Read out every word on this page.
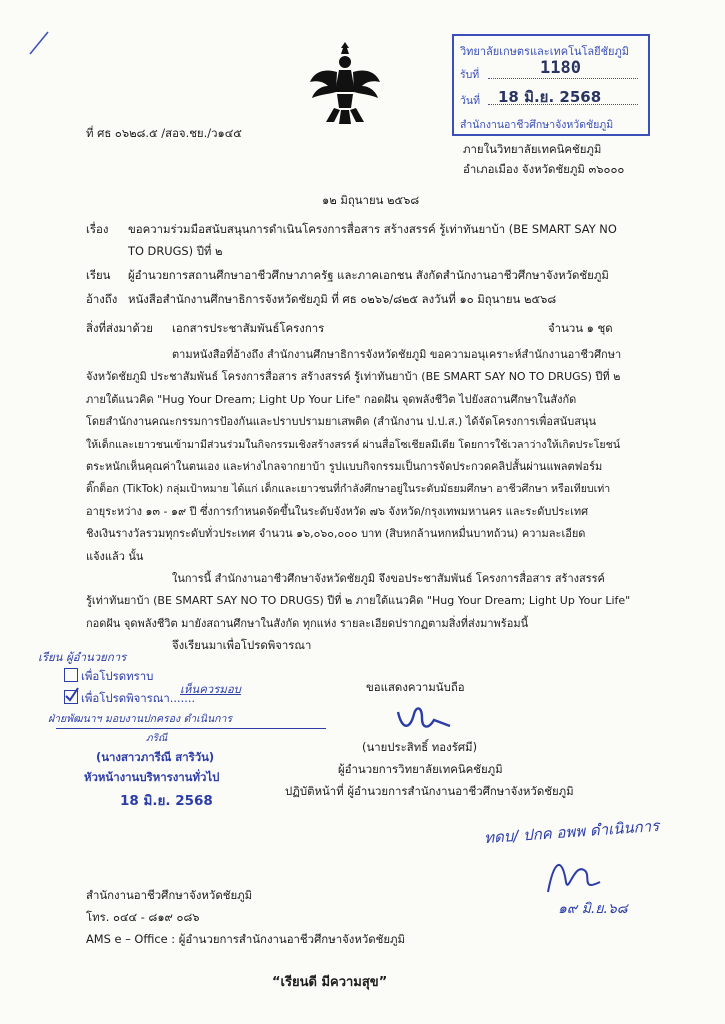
วิทยาลัยเกษตรและเทคโนโลยีชัยภูมิ
รับที่	1180
วันที่ 18 มิ.ย. 2568
สำนักงานอาชีวศึกษาจังหวัดชัยภูมิ
ที่ ศธ ๐๖๒๘.๕ /สอจ.ชย./ว๑๔๕
ภายในวิทยาลัยเทคนิคชัยภูมิ
อำเภอเมือง จังหวัดชัยภูมิ ๓๖๐๐๐
๑๒ มิถุนายน ๒๕๖๘
เรื่อง ขอความร่วมมือสนับสนุนการดำเนินโครงการสื่อสาร สร้างสรรค์ รู้เท่าทันยาบ้า (BE SMART SAY NO
TO DRUGS) ปีที่ ๒
เรียน ผู้อำนวยการสถานศึกษาอาชีวศึกษาภาครัฐ และภาคเอกชน สังกัดสำนักงานอาชีวศึกษาจังหวัดชัยภูมิ
อ้างถึง หนังสือสำนักงานศึกษาธิการจังหวัดชัยภูมิ ที่ ศธ ๐๒๖๖/๘๒๕ ลงวันที่ ๑๐ มิถุนายน ๒๕๖๘
สิ่งที่ส่งมาด้วย เอกสารประชาสัมพันธ์โครงการ	จำนวน ๑ ชุด
ตามหนังสือที่อ้างถึง สำนักงานศึกษาธิการจังหวัดชัยภูมิ ขอความอนุเคราะห์สำนักงานอาชีวศึกษา
จังหวัดชัยภูมิ ประชาสัมพันธ์ โครงการสื่อสาร สร้างสรรค์ รู้เท่าทันยาบ้า (BE SMART SAY NO TO DRUGS) ปีที่ ๒
ภายใต้แนวคิด "Hug Your Dream; Light Up Your Life" กอดฝัน จุดพลังชีวิต ไปยังสถานศึกษาในสังกัด
โดยสำนักงานคณะกรรมการป้องกันและปราบปรามยาเสพติด (สำนักงาน ป.ป.ส.) ได้จัดโครงการเพื่อสนับสนุน
ให้เด็กและเยาวชนเข้ามามีส่วนร่วมในกิจกรรมเชิงสร้างสรรค์ ผ่านสื่อโซเชียลมีเดีย โดยการใช้เวลาว่างให้เกิดประโยชน์
ตระหนักเห็นคุณค่าในตนเอง และห่างไกลจากยาบ้า รูปแบบกิจกรรมเป็นการจัดประกวดคลิปสั้นผ่านแพลตฟอร์ม
ติ๊กต็อก (TikTok) กลุ่มเป้าหมาย ได้แก่ เด็กและเยาวชนที่กำลังศึกษาอยู่ในระดับมัธยมศึกษา อาชีวศึกษา หรือเทียบเท่า
อายุระหว่าง ๑๓ - ๑๙ ปี ซึ่งการกำหนดจัดขึ้นในระดับจังหวัด ๗๖ จังหวัด/กรุงเทพมหานคร และระดับประเทศ
ชิงเงินรางวัลรวมทุกระดับทั่วประเทศ จำนวน ๑๖,๐๖๐,๐๐๐ บาท (สิบหกล้านหกหมื่นบาทถ้วน) ความละเอียด
แจ้งแล้ว นั้น
ในการนี้ สำนักงานอาชีวศึกษาจังหวัดชัยภูมิ จึงขอประชาสัมพันธ์ โครงการสื่อสาร สร้างสรรค์
รู้เท่าทันยาบ้า (BE SMART SAY NO TO DRUGS) ปีที่ ๒ ภายใต้แนวคิด "Hug Your Dream; Light Up Your Life"
กอดฝัน จุดพลังชีวิต มายังสถานศึกษาในสังกัด ทุกแห่ง รายละเอียดปรากฏตามสิ่งที่ส่งมาพร้อมนี้
จึงเรียนมาเพื่อโปรดพิจารณา
ขอแสดงความนับถือ
(นายประสิทธิ์ ทองรัศมี)
ผู้อำนวยการวิทยาลัยเทคนิคชัยภูมิ
ปฏิบัติหน้าที่ ผู้อำนวยการสำนักงานอาชีวศึกษาจังหวัดชัยภูมิ
เรียน ผู้อำนวยการ
เพื่อโปรดทราบ
เพื่อโปรดพิจารณา.......
เห็นควรมอบ
ฝ่ายพัฒนาฯ มอบงานปกครอง ดำเนินการ
ภริณี
(นางสาวภารีณี สาริวัน)
หัวหน้างานบริหารงานทั่วไป
18 มิ.ย. 2568
ทดบ/ ปกค อพพ ดำเนินการ
๑๙ มิ.ย.๖๘
สำนักงานอาชีวศึกษาจังหวัดชัยภูมิ
โทร. ๐๔๔ - ๘๑๙ ๐๘๖
AMS e – Office : ผู้อำนวยการสำนักงานอาชีวศึกษาจังหวัดชัยภูมิ
“เรียนดี มีความสุข”
